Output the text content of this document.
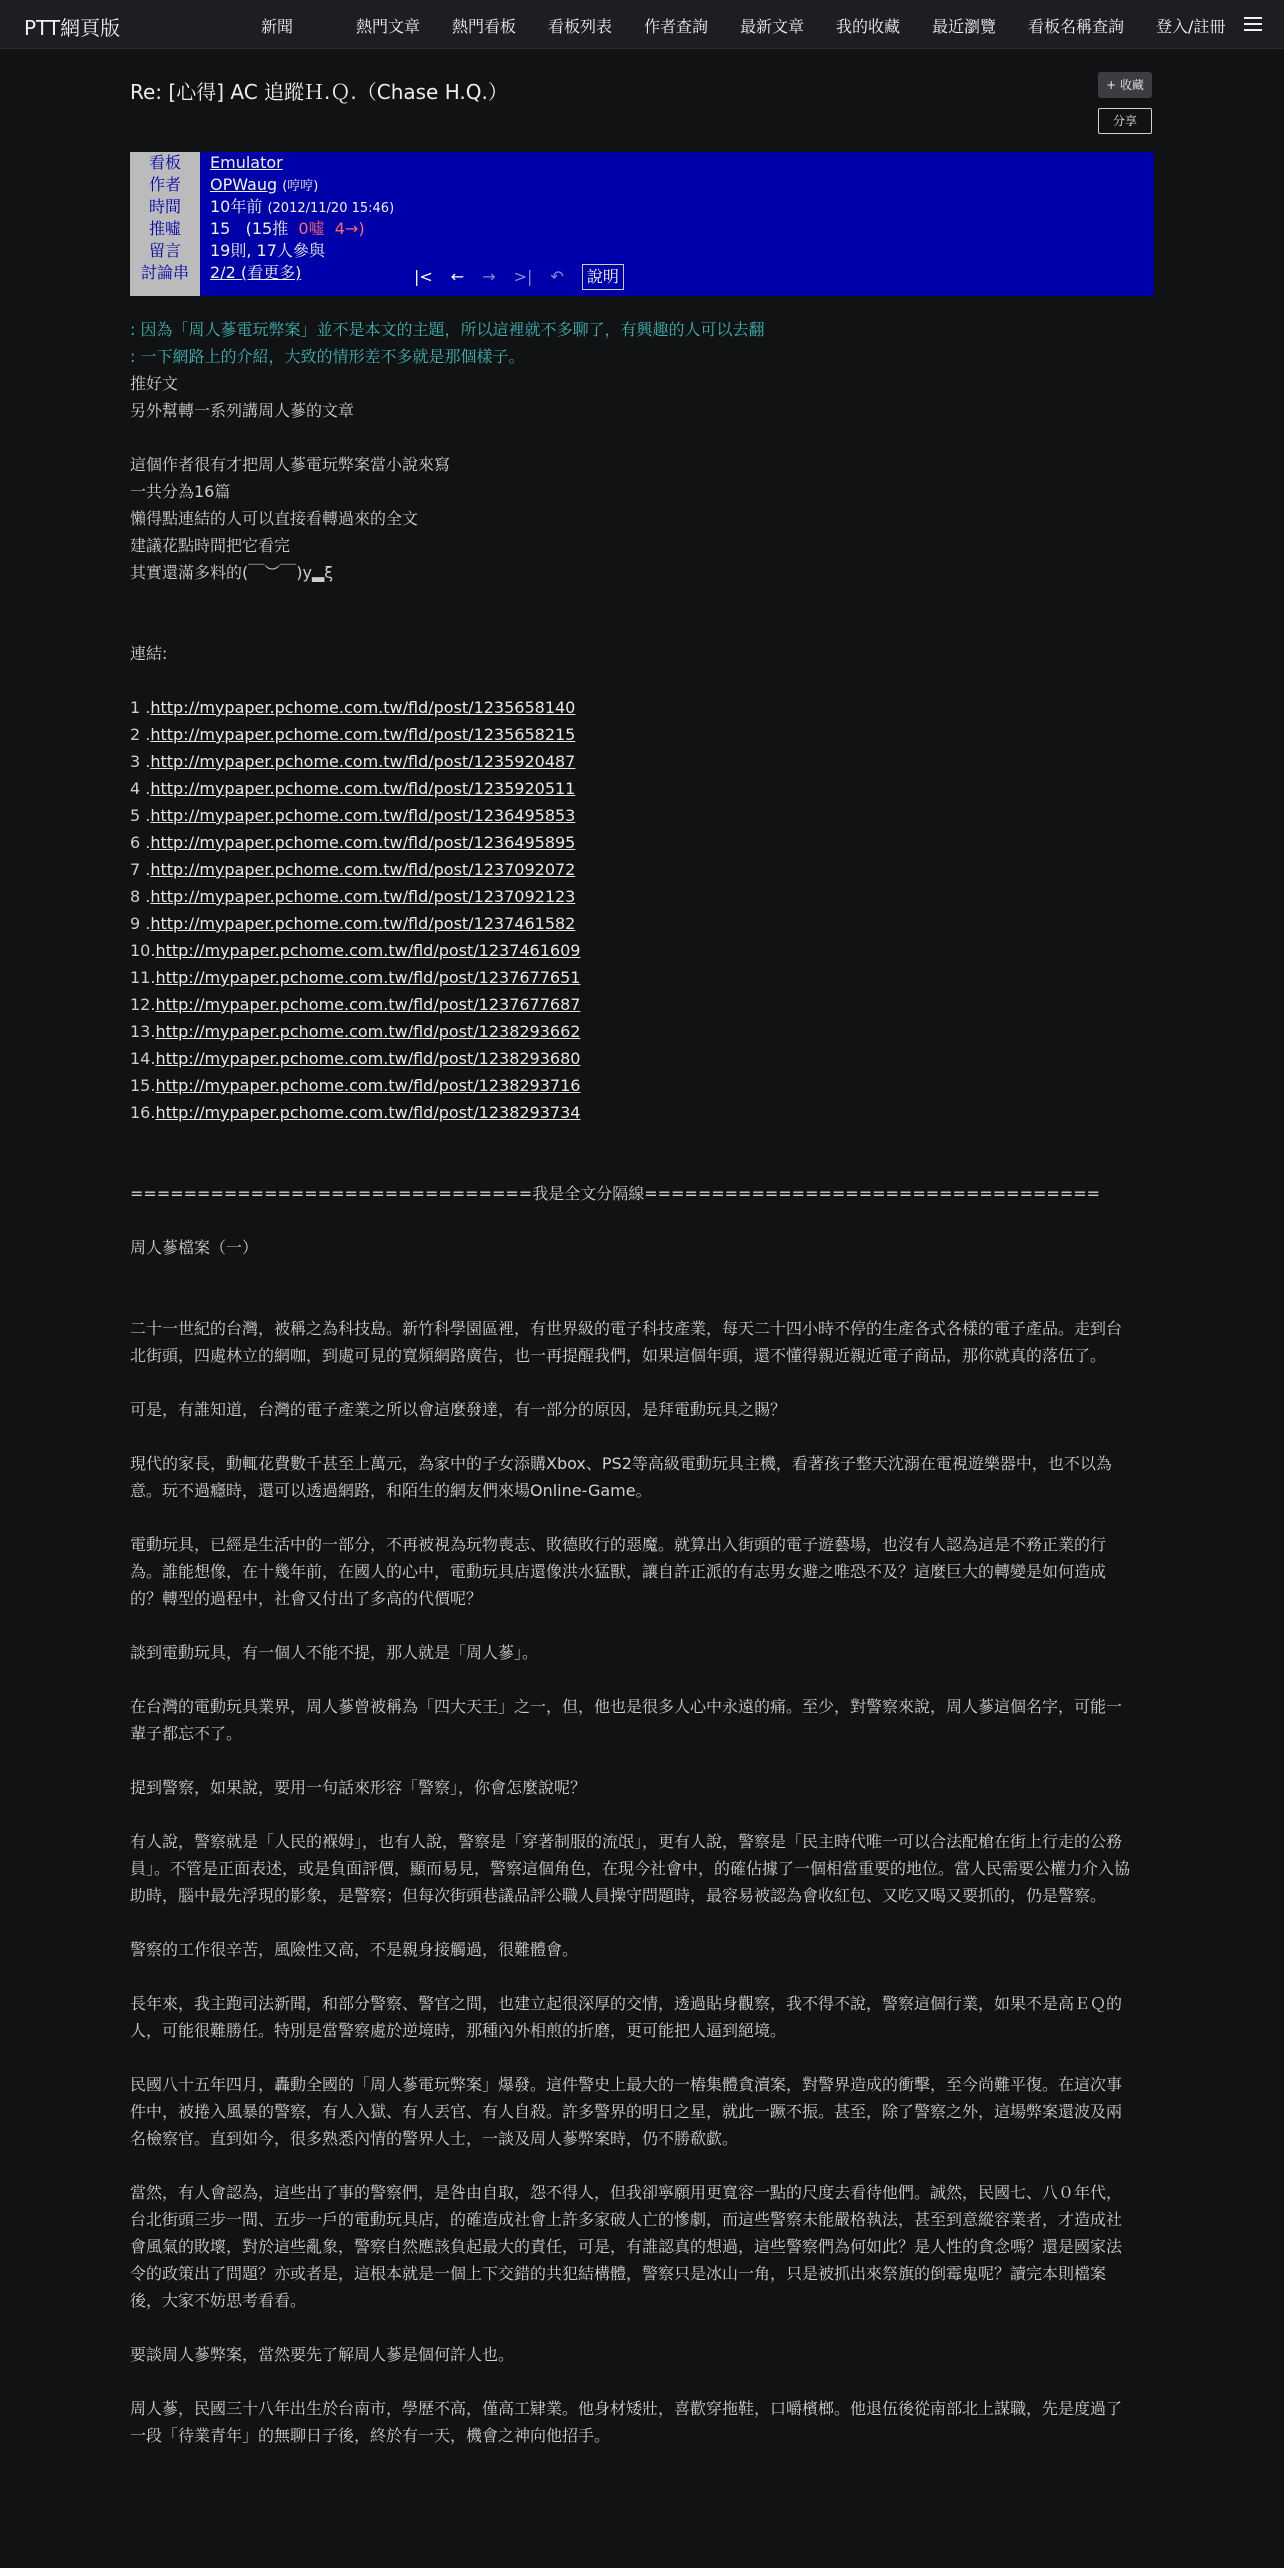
PTT網頁版	新聞	熱門文章	熱門看板	看板列表	作者查詢	最新文章	我的收藏	最近瀏覽	看板名稱查詢	登入/註冊
Re: [心得] AC 追蹤Ｈ.Ｑ.（Chase H.Q.）	+ 收藏
分享
看板	Emulator
作者	OPWaug (哼哼)
時間	10年前 (2012/11/20 15:46)
推噓	15 (15推 0噓 4→)
留言	19則, 17人參與
討論串	2/2 (看更多)	|< ← → >| ↶	說明
: 因為「周人蔘電玩弊案」並不是本文的主題，所以這裡就不多聊了，有興趣的人可以去翻
: 一下網路上的介紹，大致的情形差不多就是那個樣子。
推好文
另外幫轉一系列講周人蔘的文章
這個作者很有才把周人蔘電玩弊案當小說來寫
一共分為16篇
懶得點連結的人可以直接看轉過來的全文
建議花點時間把它看完
其實還滿多料的(￣︶￣)y▂ξ
連結:
1 .http://mypaper.pchome.com.tw/fld/post/1235658140
2 .http://mypaper.pchome.com.tw/fld/post/1235658215
3 .http://mypaper.pchome.com.tw/fld/post/1235920487
4 .http://mypaper.pchome.com.tw/fld/post/1235920511
5 .http://mypaper.pchome.com.tw/fld/post/1236495853
6 .http://mypaper.pchome.com.tw/fld/post/1236495895
7 .http://mypaper.pchome.com.tw/fld/post/1237092072
8 .http://mypaper.pchome.com.tw/fld/post/1237092123
9 .http://mypaper.pchome.com.tw/fld/post/1237461582
10.http://mypaper.pchome.com.tw/fld/post/1237461609
11.http://mypaper.pchome.com.tw/fld/post/1237677651
12.http://mypaper.pchome.com.tw/fld/post/1237677687
13.http://mypaper.pchome.com.tw/fld/post/1238293662
14.http://mypaper.pchome.com.tw/fld/post/1238293680
15.http://mypaper.pchome.com.tw/fld/post/1238293716
16.http://mypaper.pchome.com.tw/fld/post/1238293734
==============================我是全文分隔線==================================
周人蔘檔案（一）

二十一世紀的台灣，被稱之為科技島。新竹科學園區裡，有世界級的電子科技產業，每天二十四小時不停的生產各式各樣的電子產品。走到台北街頭，四處林立的網咖，到處可見的寬頻網路廣告，也一再提醒我們，如果這個年頭，還不懂得親近親近電子商品，那你就真的落伍了。

可是，有誰知道，台灣的電子產業之所以會這麼發達，有一部分的原因，是拜電動玩具之賜？

現代的家長，動輒花費數千甚至上萬元，為家中的子女添購Xbox、PS2等高級電動玩具主機，看著孩子整天沈溺在電視遊樂器中，也不以為意。玩不過癮時，還可以透過網路，和陌生的網友們來場Online-Game。

電動玩具，已經是生活中的一部分，不再被視為玩物喪志、敗德敗行的惡魔。就算出入街頭的電子遊藝場，也沒有人認為這是不務正業的行為。誰能想像，在十幾年前，在國人的心中，電動玩具店還像洪水猛獸，讓自許正派的有志男女避之唯恐不及？這麼巨大的轉變是如何造成的？轉型的過程中，社會又付出了多高的代價呢？

談到電動玩具，有一個人不能不提，那人就是「周人蔘」。

在台灣的電動玩具業界，周人蔘曾被稱為「四大天王」之一，但，他也是很多人心中永遠的痛。至少，對警察來說，周人蔘這個名字，可能一輩子都忘不了。

提到警察，如果說，要用一句話來形容「警察」，你會怎麼說呢？

有人說，警察就是「人民的褓姆」，也有人說，警察是「穿著制服的流氓」，更有人說，警察是「民主時代唯一可以合法配槍在街上行走的公務員」。不管是正面表述，或是負面評價，顯而易見，警察這個角色，在現今社會中，的確佔據了一個相當重要的地位。當人民需要公權力介入協助時，腦中最先浮現的影象，是警察；但每次街頭巷議品評公職人員操守問題時，最容易被認為會收紅包、又吃又喝又要抓的，仍是警察。

警察的工作很辛苦，風險性又高，不是親身接觸過，很難體會。

長年來，我主跑司法新聞，和部分警察、警官之間，也建立起很深厚的交情，透過貼身觀察，我不得不說，警察這個行業，如果不是高ＥＱ的人，可能很難勝任。特別是當警察處於逆境時，那種內外相煎的折磨，更可能把人逼到絕境。

民國八十五年四月，轟動全國的「周人蔘電玩弊案」爆發。這件警史上最大的一樁集體貪瀆案，對警界造成的衝擊，至今尚難平復。在這次事件中，被捲入風暴的警察，有人入獄、有人丟官、有人自殺。許多警界的明日之星，就此一蹶不振。甚至，除了警察之外，這場弊案還波及兩名檢察官。直到如今，很多熟悉內情的警界人士，一談及周人蔘弊案時，仍不勝欷歔。

當然，有人會認為，這些出了事的警察們，是咎由自取，怨不得人，但我卻寧願用更寬容一點的尺度去看待他們。誠然，民國七、八０年代，台北街頭三步一間、五步一戶的電動玩具店，的確造成社會上許多家破人亡的慘劇，而這些警察未能嚴格執法，甚至到意縱容業者，才造成社會風氣的敗壞，對於這些亂象，警察自然應該負起最大的責任，可是，有誰認真的想過，這些警察們為何如此？是人性的貪念嗎？還是國家法令的政策出了問題？亦或者是，這根本就是一個上下交錯的共犯結構體，警察只是冰山一角，只是被抓出來祭旗的倒霉鬼呢？讀完本則檔案後，大家不妨思考看看。

要談周人蔘弊案，當然要先了解周人蔘是個何許人也。

周人蔘，民國三十八年出生於台南市，學歷不高，僅高工肄業。他身材矮壯，喜歡穿拖鞋，口嚼檳榔。他退伍後從南部北上謀職，先是度過了一段「待業青年」的無聊日子後，終於有一天，機會之神向他招手。
